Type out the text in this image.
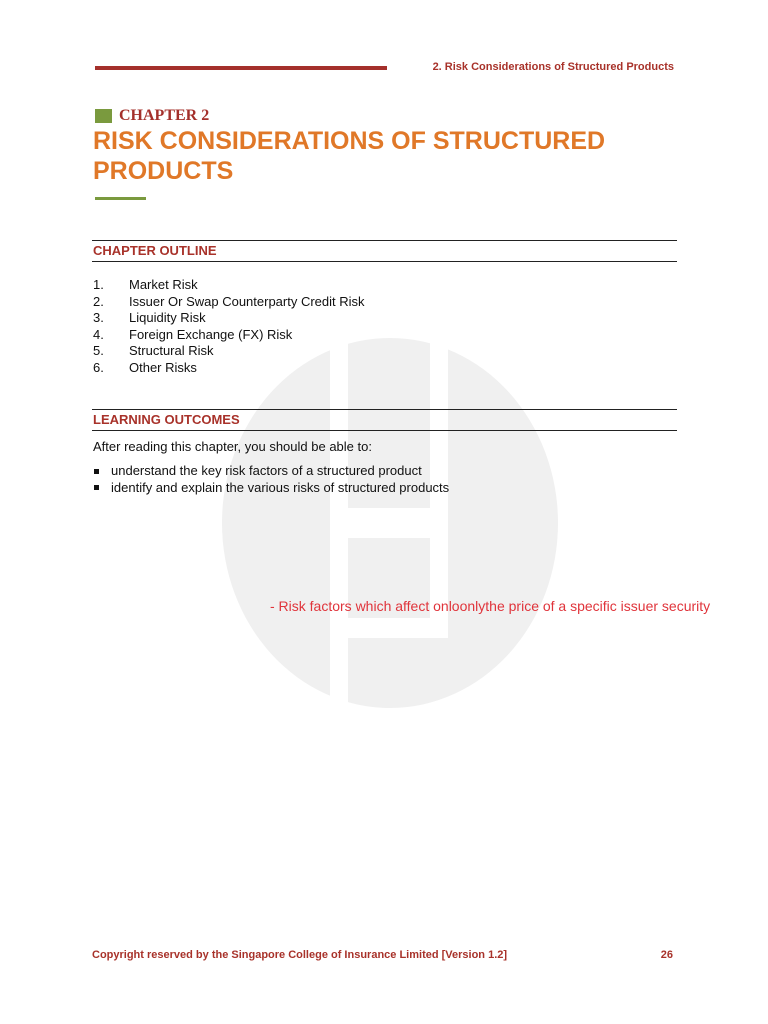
2. Risk Considerations of Structured Products
CHAPTER 2
RISK CONSIDERATIONS OF STRUCTURED PRODUCTS
CHAPTER OUTLINE
1.	Market Risk
2.	Issuer Or Swap Counterparty Credit Risk
3.	Liquidity Risk
4.	Foreign Exchange (FX) Risk
5.	Structural Risk
6.	Other Risks
LEARNING OUTCOMES
After reading this chapter, you should be able to:
understand the key risk factors of a structured product
identify and explain the various risks of structured products
- Risk factors which affect onloonlythe price of a specific issuer security
Copyright reserved by the Singapore College of Insurance Limited [Version 1.2]	26
